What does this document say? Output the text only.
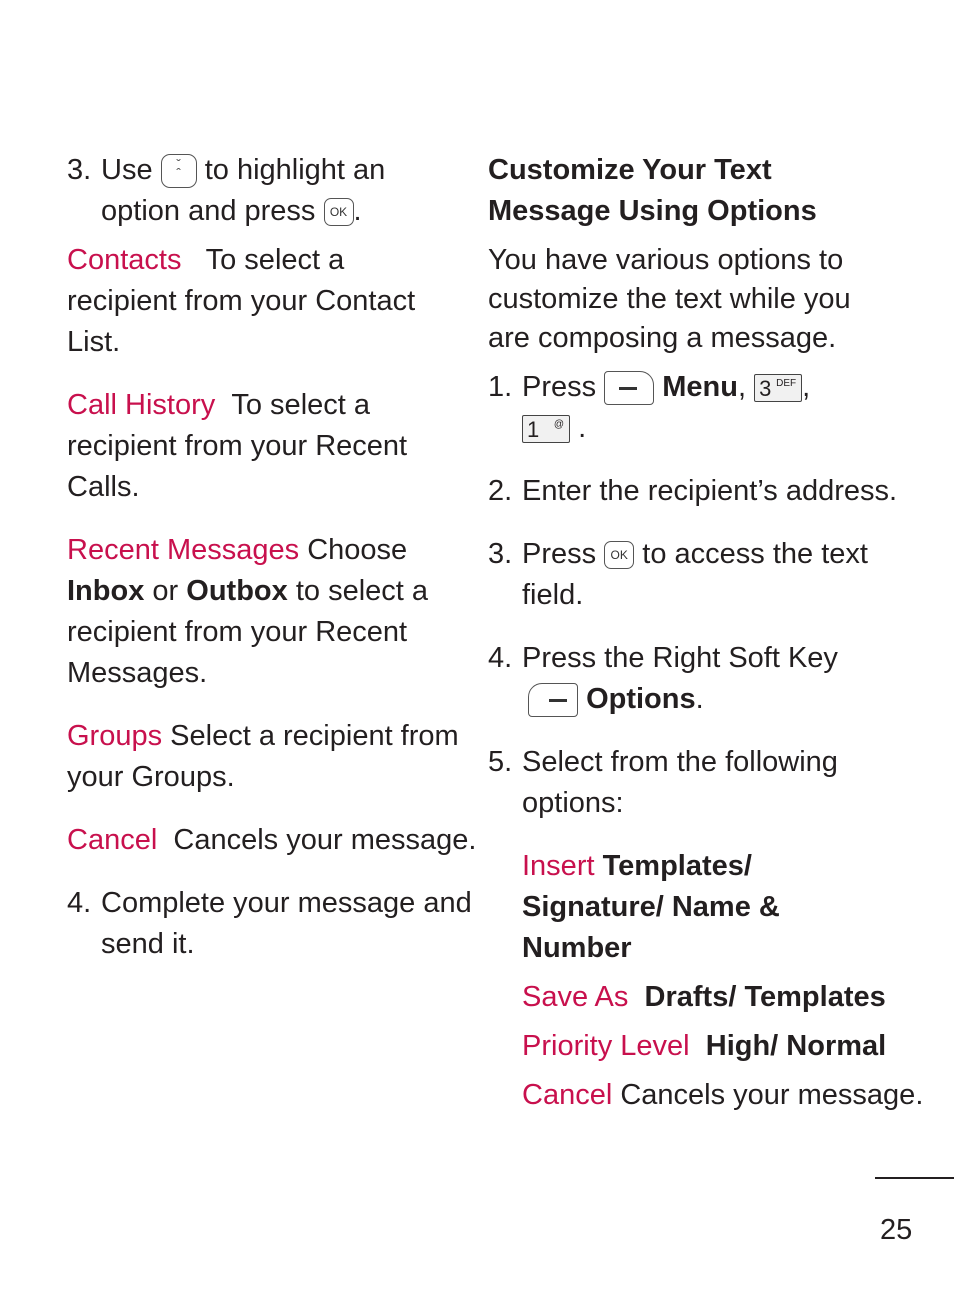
3. Use ˆ ˇ to highlight an
option and press OK .
Contacts To select a
recipient from your Contact
List.
Call History To select a
recipient from your Recent
Calls.
Recent Messages Choose
Inbox or Outbox to select a
recipient from your Recent
Messages.
Groups Select a recipient from
your Groups.
Cancel Cancels your message.
4. Complete your message and
send it.
Customize Your Text
Message Using Options
You have various options to
customize the text while you
are composing a message.
1. Press Menu, 3 DEF ,
1 @ .
2. Enter the recipient’s address.
3. Press OK to access the text
field.
4. Press the Right Soft Key
Options.
5. Select from the following
options:
Insert Templates/
Signature/ Name &
Number
Save As Drafts/ Templates
Priority Level High/ Normal
Cancel Cancels your message.
25
